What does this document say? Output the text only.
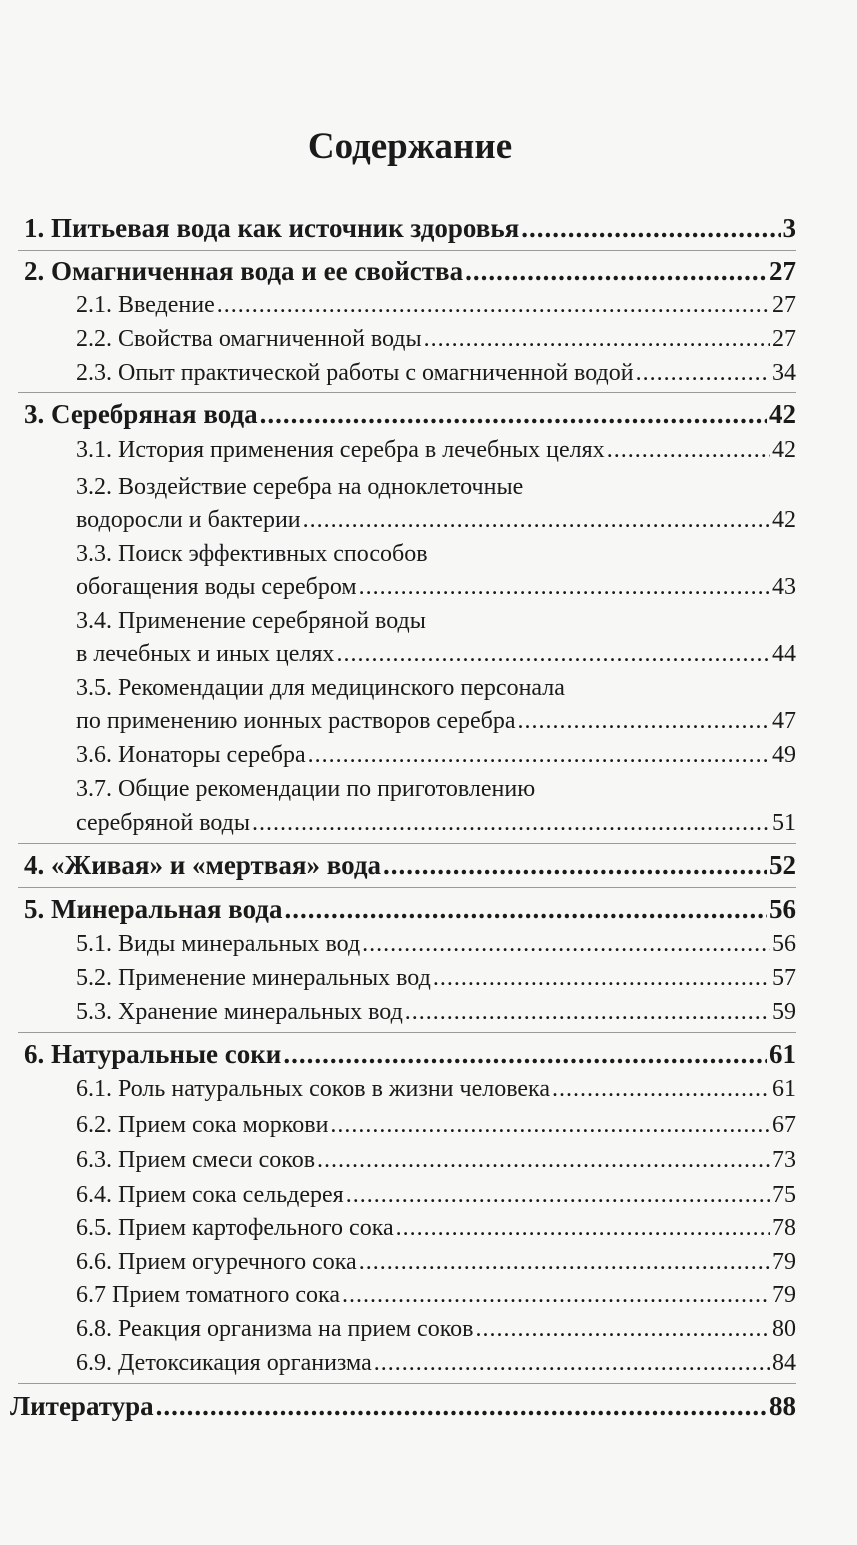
Содержание
1. Питьевая вода как источник здоровья .....	3
2. Омагниченная вода и ее свойства .....	27
2.1. Введение .....	27
2.2. Свойства омагниченной воды .....	27
2.3. Опыт практической работы с омагниченной водой .....	34
3. Серебряная вода .....	42
3.1. История применения серебра в лечебных целях .....	42
3.2. Воздействие серебра на одноклеточные
водоросли и бактерии .....	42
3.3. Поиск эффективных способов
обогащения воды серебром .....	43
3.4. Применение серебряной воды
в лечебных и иных целях .....	44
3.5. Рекомендации для медицинского персонала
по применению ионных растворов серебра .....	47
3.6. Ионаторы серебра .....	49
3.7. Общие рекомендации по приготовлению
серебряной воды .....	51
4. «Живая» и «мертвая» вода .....	52
5. Минеральная вода .....	56
5.1. Виды минеральных вод .....	56
5.2. Применение минеральных вод .....	57
5.3. Хранение минеральных вод .....	59
6. Натуральные соки .....	61
6.1. Роль натуральных соков в жизни человека .....	61
6.2. Прием сока моркови .....	67
6.3. Прием смеси соков .....	73
6.4. Прием сока сельдерея .....	75
6.5. Прием картофельного сока .....	78
6.6. Прием огуречного сока .....	79
6.7 Прием томатного сока .....	79
6.8. Реакция организма на прием соков .....	80
6.9. Детоксикация организма .....	84
Литература .....	88
